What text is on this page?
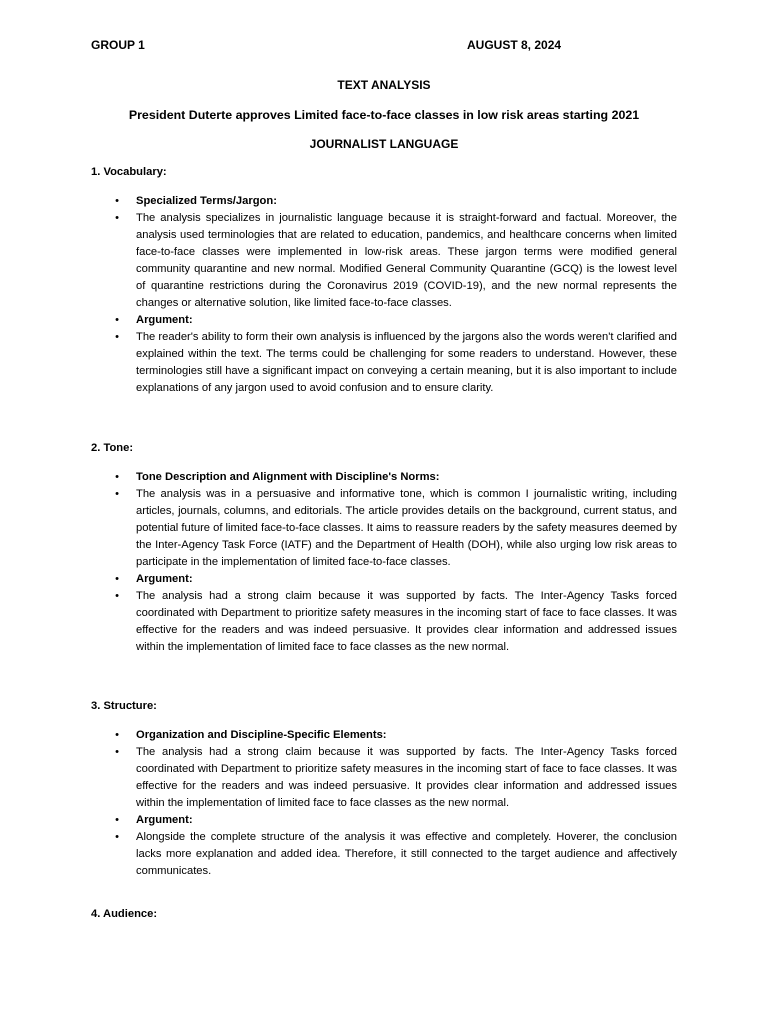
GROUP 1	AUGUST 8, 2024
TEXT ANALYSIS
President Duterte approves Limited face-to-face classes in low risk areas starting 2021
JOURNALIST LANGUAGE
1. Vocabulary:
• Specialized Terms/Jargon:
• The analysis specializes in journalistic language because it is straight-forward and factual. Moreover, the analysis used terminologies that are related to education, pandemics, and healthcare concerns when limited face-to-face classes were implemented in low-risk areas. These jargon terms were modified general community quarantine and new normal. Modified General Community Quarantine (GCQ) is the lowest level of quarantine restrictions during the Coronavirus 2019 (COVID-19), and the new normal represents the changes or alternative solution, like limited face-to-face classes.
• Argument:
• The reader's ability to form their own analysis is influenced by the jargons also the words weren't clarified and explained within the text. The terms could be challenging for some readers to understand. However, these terminologies still have a significant impact on conveying a certain meaning, but it is also important to include explanations of any jargon used to avoid confusion and to ensure clarity.
2. Tone:
• Tone Description and Alignment with Discipline's Norms:
• The analysis was in a persuasive and informative tone, which is common I journalistic writing, including articles, journals, columns, and editorials. The article provides details on the background, current status, and potential future of limited face-to-face classes. It aims to reassure readers by the safety measures deemed by the Inter-Agency Task Force (IATF) and the Department of Health (DOH), while also urging low risk areas to participate in the implementation of limited face-to-face classes.
• Argument:
• The analysis had a strong claim because it was supported by facts. The Inter-Agency Tasks forced coordinated with Department to prioritize safety measures in the incoming start of face to face classes. It was effective for the readers and was indeed persuasive. It provides clear information and addressed issues within the implementation of limited face to face classes as the new normal.
3. Structure:
• Organization and Discipline-Specific Elements:
• The analysis had a strong claim because it was supported by facts. The Inter-Agency Tasks forced coordinated with Department to prioritize safety measures in the incoming start of face to face classes. It was effective for the readers and was indeed persuasive. It provides clear information and addressed issues within the implementation of limited face to face classes as the new normal.
• Argument:
• Alongside the complete structure of the analysis it was effective and completely. Hoverer, the conclusion lacks more explanation and added idea. Therefore, it still connected to the target audience and affectively communicates.
4. Audience:
